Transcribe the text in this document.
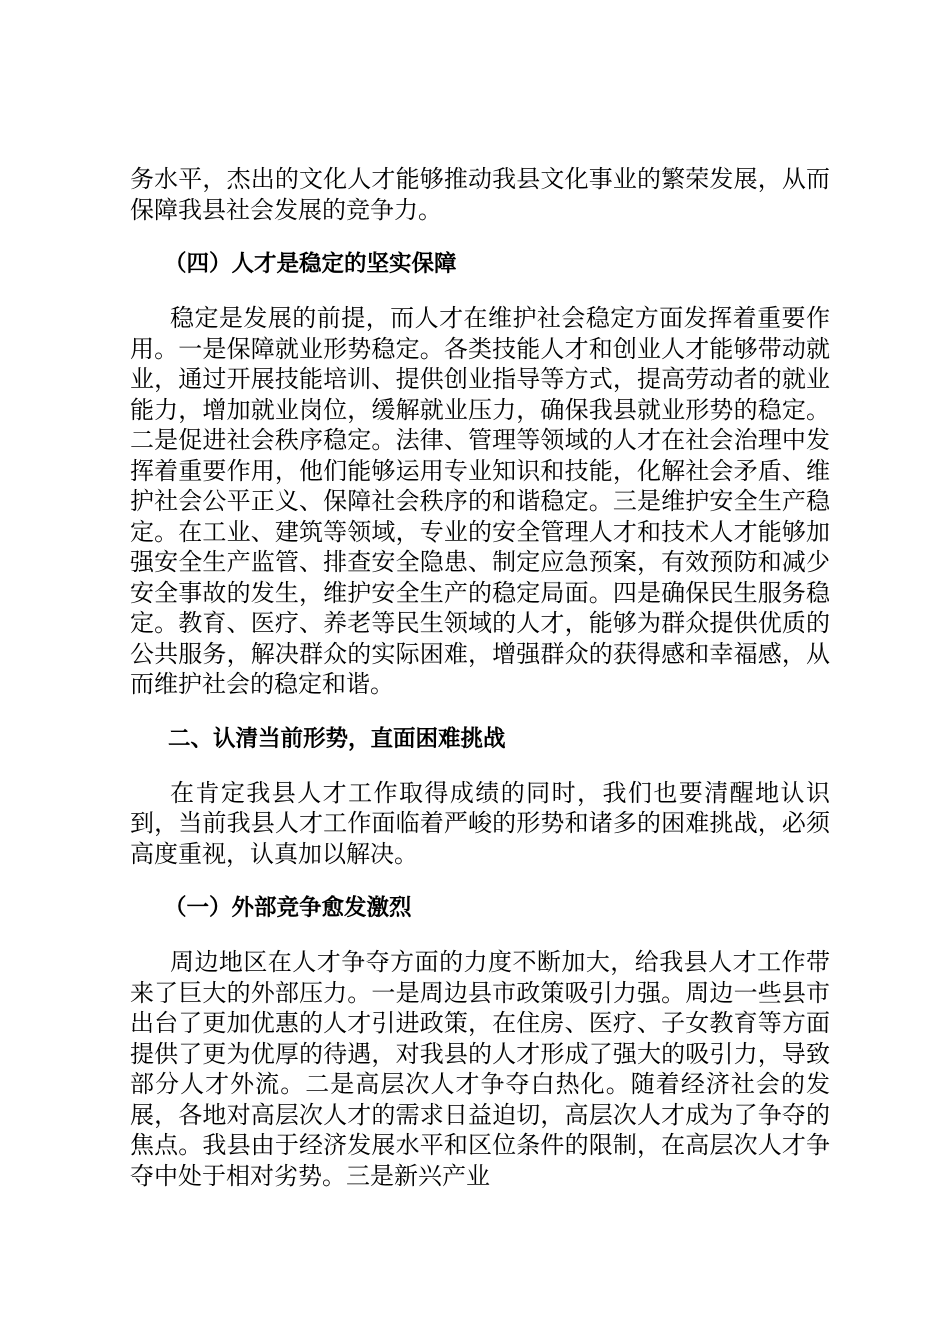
务水平，杰出的文化人才能够推动我县文化事业的繁荣发展，从而保障我县社会发展的竞争力。

（四）人才是稳定的坚实保障

稳定是发展的前提，而人才在维护社会稳定方面发挥着重要作用。一是保障就业形势稳定。各类技能人才和创业人才能够带动就业，通过开展技能培训、提供创业指导等方式，提高劳动者的就业能力，增加就业岗位，缓解就业压力，确保我县就业形势的稳定。二是促进社会秩序稳定。法律、管理等领域的人才在社会治理中发挥着重要作用，他们能够运用专业知识和技能，化解社会矛盾、维护社会公平正义、保障社会秩序的和谐稳定。三是维护安全生产稳定。在工业、建筑等领域，专业的安全管理人才和技术人才能够加强安全生产监管、排查安全隐患、制定应急预案，有效预防和减少安全事故的发生，维护安全生产的稳定局面。四是确保民生服务稳定。教育、医疗、养老等民生领域的人才，能够为群众提供优质的公共服务，解决群众的实际困难，增强群众的获得感和幸福感，从而维护社会的稳定和谐。

二、认清当前形势，直面困难挑战

在肯定我县人才工作取得成绩的同时，我们也要清醒地认识到，当前我县人才工作面临着严峻的形势和诸多的困难挑战，必须高度重视，认真加以解决。

（一）外部竞争愈发激烈

周边地区在人才争夺方面的力度不断加大，给我县人才工作带来了巨大的外部压力。一是周边县市政策吸引力强。周边一些县市出台了更加优惠的人才引进政策，在住房、医疗、子女教育等方面提供了更为优厚的待遇，对我县的人才形成了强大的吸引力，导致部分人才外流。二是高层次人才争夺白热化。随着经济社会的发展，各地对高层次人才的需求日益迫切，高层次人才成为了争夺的焦点。我县由于经济发展水平和区位条件的限制，在高层次人才争夺中处于相对劣势。三是新兴产业
